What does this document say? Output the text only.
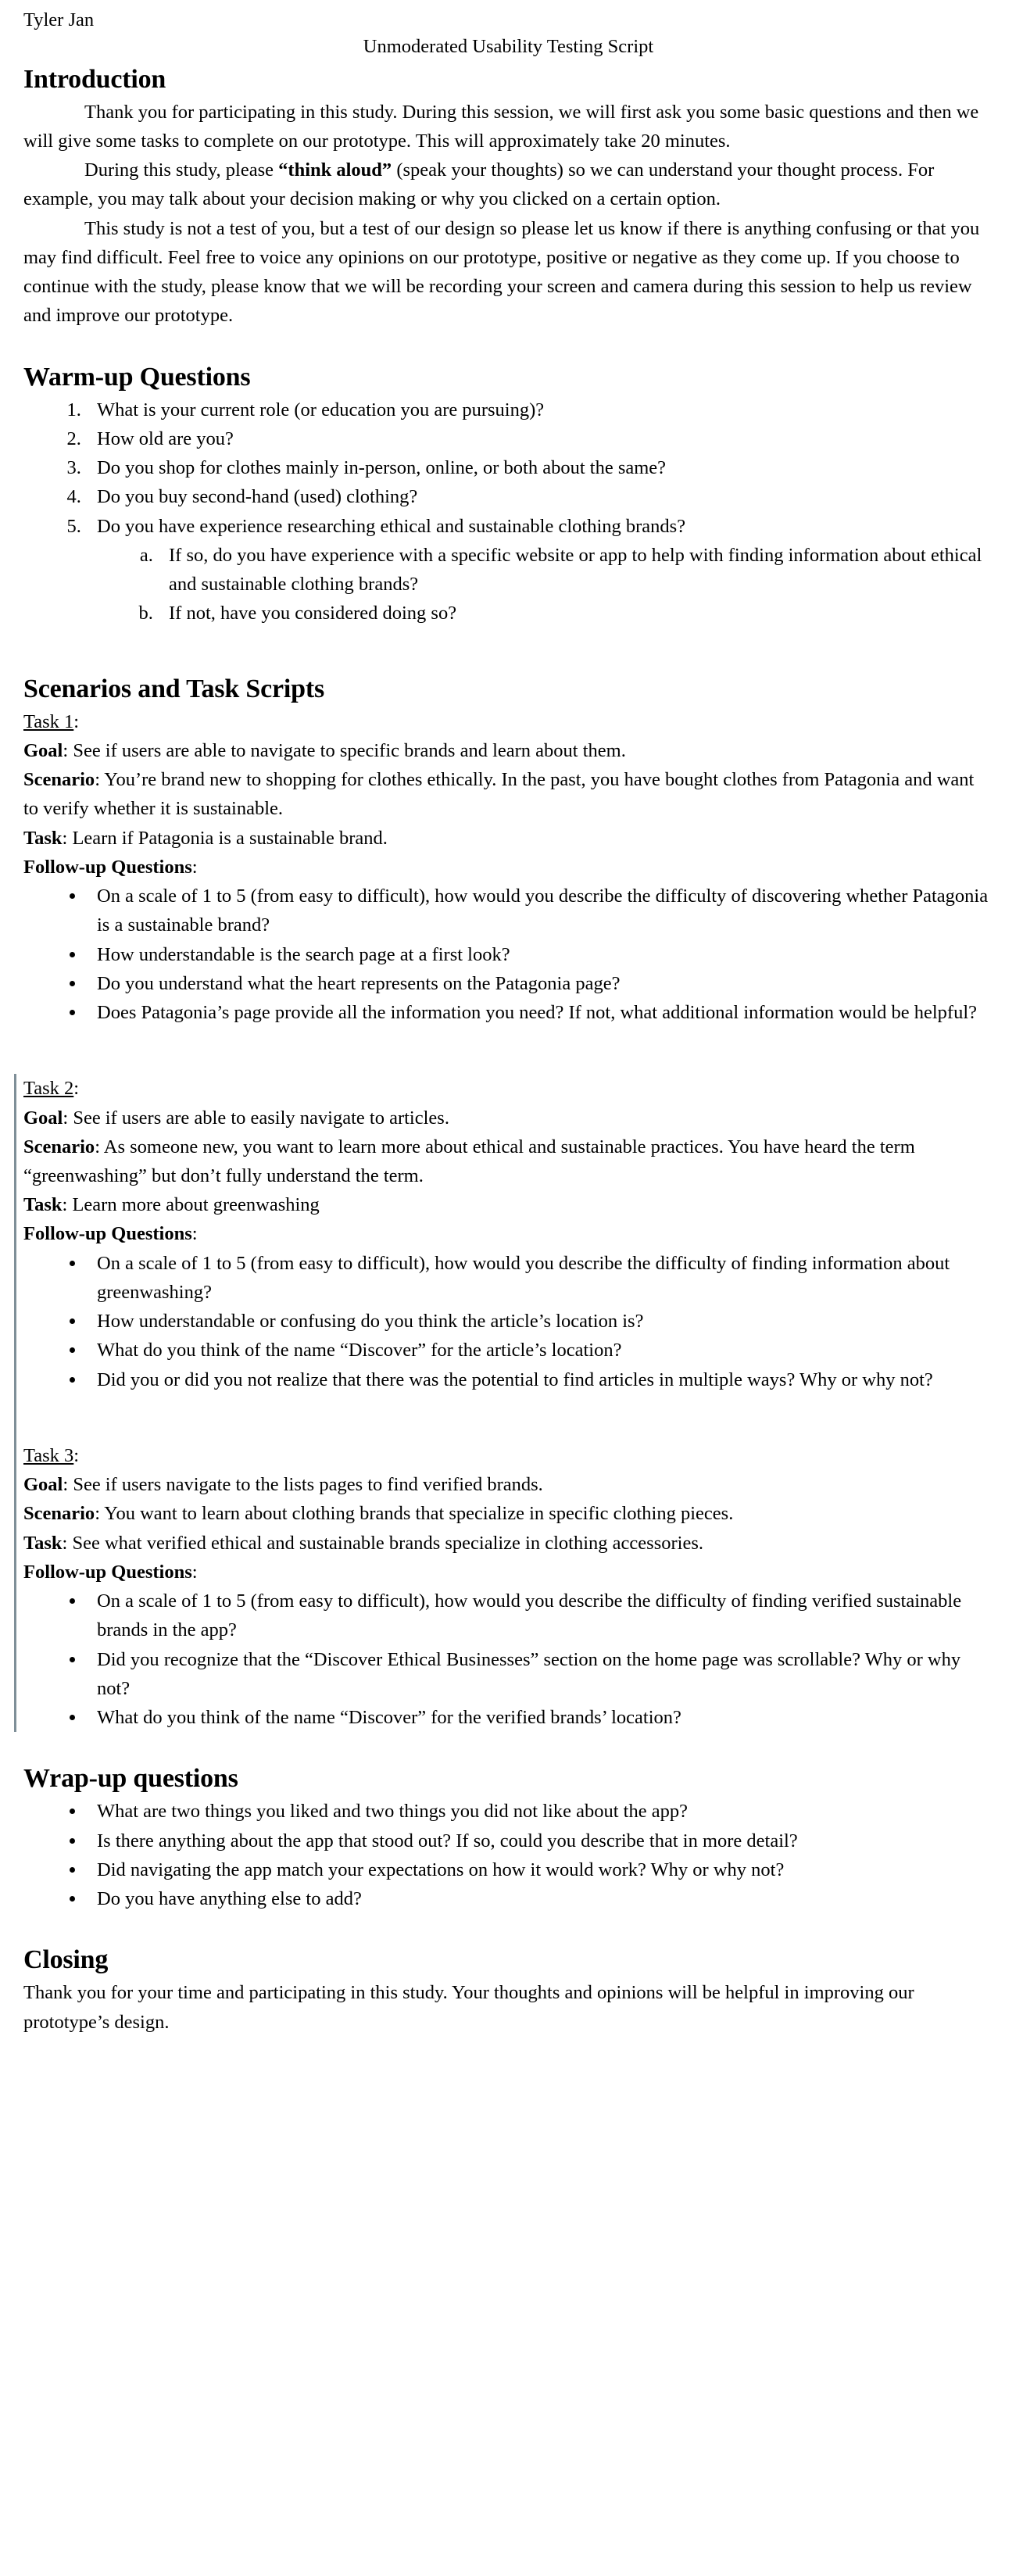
Tyler Jan
Unmoderated Usability Testing Script
Introduction

Thank you for participating in this study. During this session, we will first ask you some basic questions and then we will give some tasks to complete on our prototype. This will approximately take 20 minutes.

During this study, please “think aloud” (speak your thoughts) so we can understand your thought process. For example, you may talk about your decision making or why you clicked on a certain option.

This study is not a test of you, but a test of our design so please let us know if there is anything confusing or that you may find difficult. Feel free to voice any opinions on our prototype, positive or negative as they come up. If you choose to continue with the study, please know that we will be recording your screen and camera during this session to help us review and improve our prototype.

Warm-up Questions
1. What is your current role (or education you are pursuing)?
2. How old are you?
3. Do you shop for clothes mainly in-person, online, or both about the same?
4. Do you buy second-hand (used) clothing?
5. Do you have experience researching ethical and sustainable clothing brands?
a. If so, do you have experience with a specific website or app to help with finding information about ethical and sustainable clothing brands?
b. If not, have you considered doing so?
Scenarios and Task Scripts

Task 1:

Goal: See if users are able to navigate to specific brands and learn about them.

Scenario: You’re brand new to shopping for clothes ethically. In the past, you have bought clothes from Patagonia and want to verify whether it is sustainable.

Task: Learn if Patagonia is a sustainable brand.

Follow-up Questions:

• On a scale of 1 to 5 (from easy to difficult), how would you describe the difficulty of discovering whether Patagonia is a sustainable brand?
• How understandable is the search page at a first look?
• Do you understand what the heart represents on the Patagonia page?
• Does Patagonia’s page provide all the information you need? If not, what additional information would be helpful?

Task 2:

Goal: See if users are able to easily navigate to articles.

Scenario: As someone new, you want to learn more about ethical and sustainable practices. You have heard the term “greenwashing” but don’t fully understand the term.

Task: Learn more about greenwashing

Follow-up Questions:

• On a scale of 1 to 5 (from easy to difficult), how would you describe the difficulty of finding information about greenwashing?
• How understandable or confusing do you think the article’s location is?
• What do you think of the name “Discover” for the article’s location?
• Did you or did you not realize that there was the potential to find articles in multiple ways? Why or why not?

Task 3:

Goal: See if users navigate to the lists pages to find verified brands.

Scenario: You want to learn about clothing brands that specialize in specific clothing pieces.

Task: See what verified ethical and sustainable brands specialize in clothing accessories.

Follow-up Questions:

• On a scale of 1 to 5 (from easy to difficult), how would you describe the difficulty of finding verified sustainable brands in the app?
• Did you recognize that the “Discover Ethical Businesses” section on the home page was scrollable? Why or why not?
• What do you think of the name “Discover” for the verified brands’ location?
Wrap-up questions
• What are two things you liked and two things you did not like about the app?
• Is there anything about the app that stood out? If so, could you describe that in more detail?
• Did navigating the app match your expectations on how it would work? Why or why not?
• Do you have anything else to add?
Closing

Thank you for your time and participating in this study. Your thoughts and opinions will be helpful in improving our prototype’s design.
